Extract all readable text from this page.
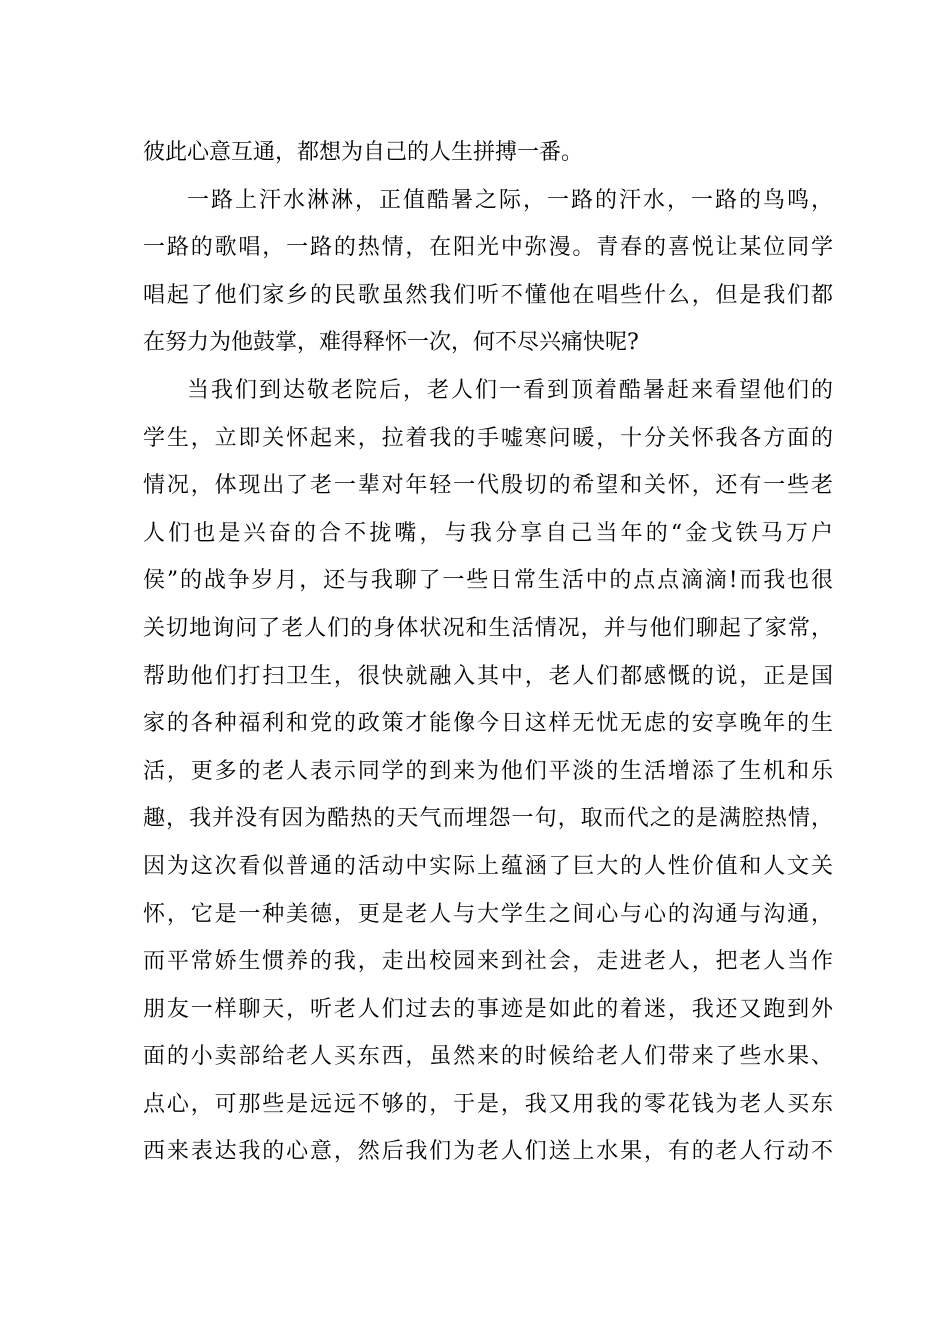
彼此心意互通，都想为自己的人生拼搏一番。
一路上汗水淋淋，正值酷暑之际，一路的汗水，一路的鸟鸣，
一路的歌唱，一路的热情，在阳光中弥漫。青春的喜悦让某位同学
唱起了他们家乡的民歌虽然我们听不懂他在唱些什么，但是我们都
在努力为他鼓掌，难得释怀一次，何不尽兴痛快呢?
当我们到达敬老院后，老人们一看到顶着酷暑赶来看望他们的
学生，立即关怀起来，拉着我的手嘘寒问暖，十分关怀我各方面的
情况，体现出了老一辈对年轻一代殷切的希望和关怀，还有一些老
人们也是兴奋的合不拢嘴，与我分享自己当年的“金戈铁马万户
侯”的战争岁月，还与我聊了一些日常生活中的点点滴滴!而我也很
关切地询问了老人们的身体状况和生活情况，并与他们聊起了家常，
帮助他们打扫卫生，很快就融入其中，老人们都感慨的说，正是国
家的各种福利和党的政策才能像今日这样无忧无虑的安享晚年的生
活，更多的老人表示同学的到来为他们平淡的生活增添了生机和乐
趣，我并没有因为酷热的天气而埋怨一句，取而代之的是满腔热情，
因为这次看似普通的活动中实际上蕴涵了巨大的人性价值和人文关
怀，它是一种美德，更是老人与大学生之间心与心的沟通与沟通，
而平常娇生惯养的我，走出校园来到社会，走进老人，把老人当作
朋友一样聊天，听老人们过去的事迹是如此的着迷，我还又跑到外
面的小卖部给老人买东西，虽然来的时候给老人们带来了些水果、
点心，可那些是远远不够的，于是，我又用我的零花钱为老人买东
西来表达我的心意，然后我们为老人们送上水果，有的老人行动不
